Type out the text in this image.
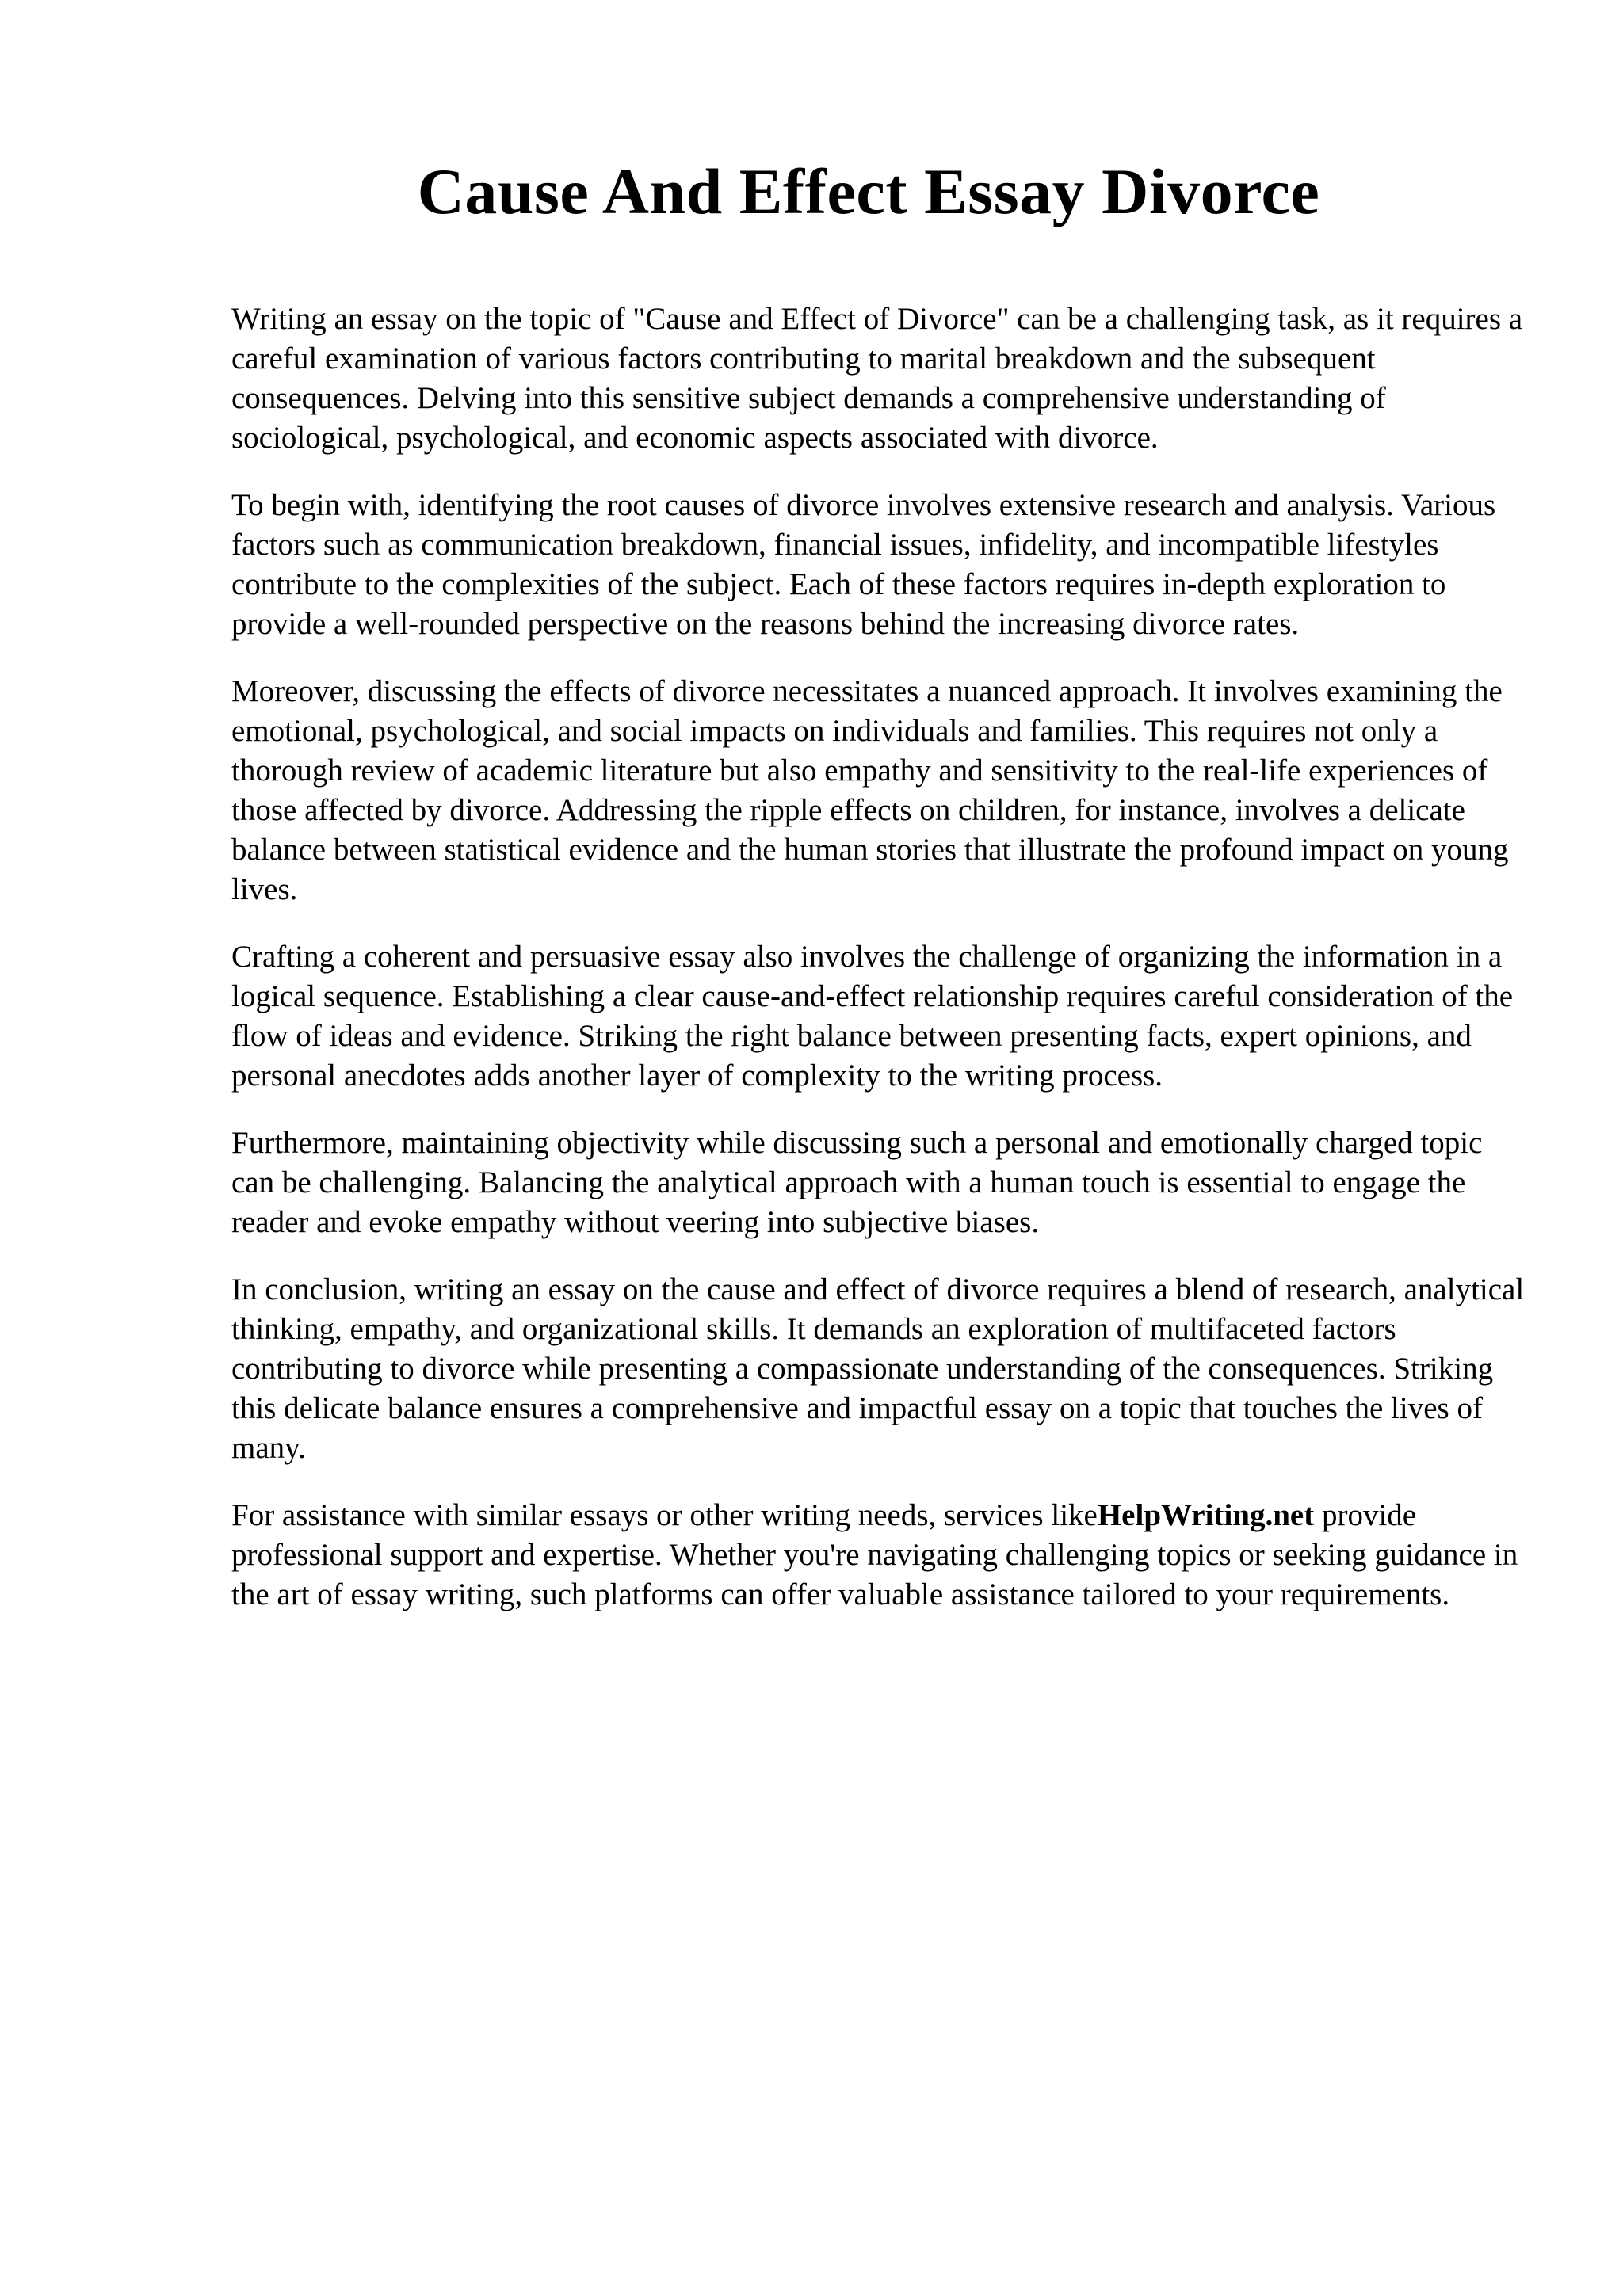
Cause And Effect Essay Divorce

Writing an essay on the topic of "Cause and Effect of Divorce" can be a challenging task, as it requires a careful examination of various factors contributing to marital breakdown and the subsequent consequences. Delving into this sensitive subject demands a comprehensive understanding of sociological, psychological, and economic aspects associated with divorce.

To begin with, identifying the root causes of divorce involves extensive research and analysis. Various factors such as communication breakdown, financial issues, infidelity, and incompatible lifestyles contribute to the complexities of the subject. Each of these factors requires in-depth exploration to provide a well-rounded perspective on the reasons behind the increasing divorce rates.

Moreover, discussing the effects of divorce necessitates a nuanced approach. It involves examining the emotional, psychological, and social impacts on individuals and families. This requires not only a thorough review of academic literature but also empathy and sensitivity to the real-life experiences of those affected by divorce. Addressing the ripple effects on children, for instance, involves a delicate balance between statistical evidence and the human stories that illustrate the profound impact on young lives.

Crafting a coherent and persuasive essay also involves the challenge of organizing the information in a logical sequence. Establishing a clear cause-and-effect relationship requires careful consideration of the flow of ideas and evidence. Striking the right balance between presenting facts, expert opinions, and personal anecdotes adds another layer of complexity to the writing process.

Furthermore, maintaining objectivity while discussing such a personal and emotionally charged topic can be challenging. Balancing the analytical approach with a human touch is essential to engage the reader and evoke empathy without veering into subjective biases.

In conclusion, writing an essay on the cause and effect of divorce requires a blend of research, analytical thinking, empathy, and organizational skills. It demands an exploration of multifaceted factors contributing to divorce while presenting a compassionate understanding of the consequences. Striking this delicate balance ensures a comprehensive and impactful essay on a topic that touches the lives of many.

For assistance with similar essays or other writing needs, services likeHelpWriting.net provide professional support and expertise. Whether you're navigating challenging topics or seeking guidance in the art of essay writing, such platforms can offer valuable assistance tailored to your requirements.
